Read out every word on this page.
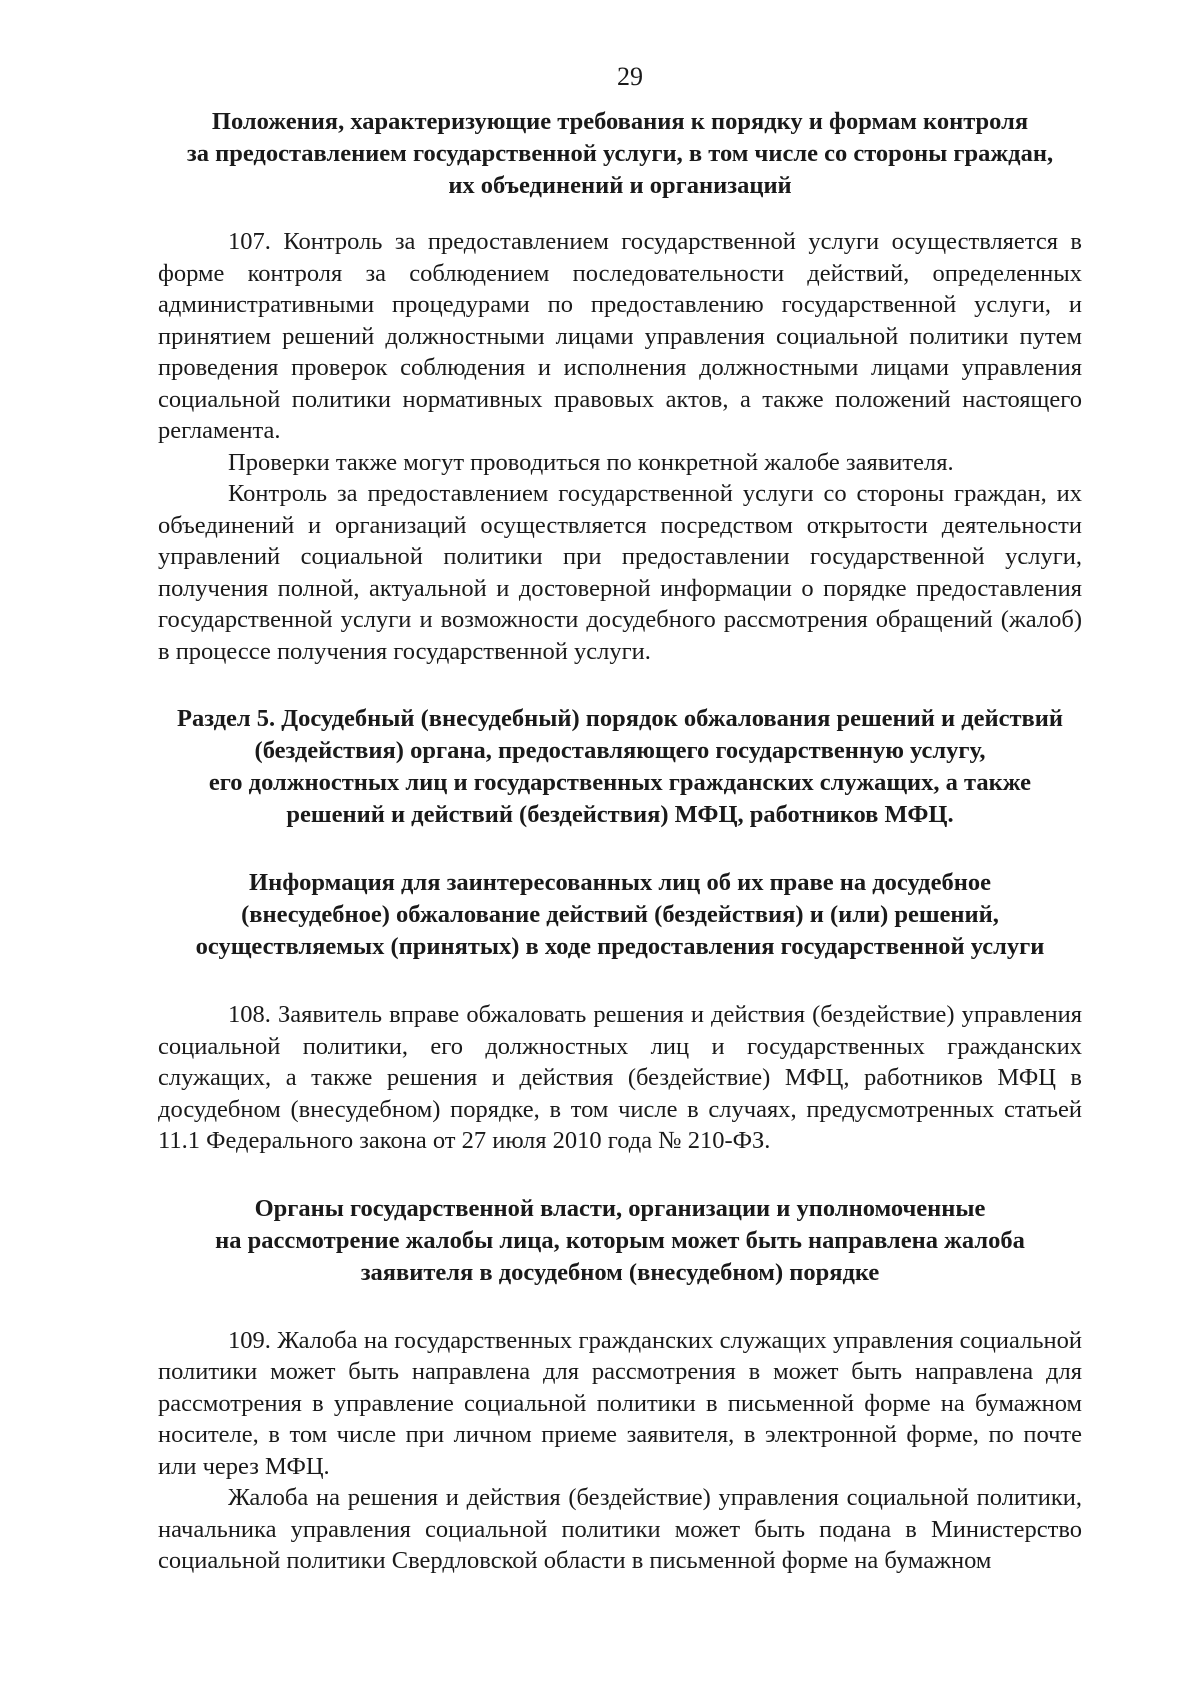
29
Положения, характеризующие требования к порядку и формам контроля
за предоставлением государственной услуги, в том числе со стороны граждан,
их объединений и организаций

107. Контроль за предоставлением государственной услуги осуществляется в форме контроля за соблюдением последовательности действий, определенных административными процедурами по предоставлению государственной услуги, и принятием решений должностными лицами управления социальной политики путем проведения проверок соблюдения и исполнения должностными лицами управления социальной политики нормативных правовых актов, а также положений настоящего регламента.

Проверки также могут проводиться по конкретной жалобе заявителя.

Контроль за предоставлением государственной услуги со стороны граждан, их объединений и организаций осуществляется посредством открытости деятельности управлений социальной политики при предоставлении государственной услуги, получения полной, актуальной и достоверной информации о порядке предоставления государственной услуги и возможности досудебного рассмотрения обращений (жалоб) в процессе получения государственной услуги.

Раздел 5. Досудебный (внесудебный) порядок обжалования решений и действий
(бездействия) органа, предоставляющего государственную услугу,
его должностных лиц и государственных гражданских служащих, а также
решений и действий (бездействия) МФЦ, работников МФЦ.
Информация для заинтересованных лиц об их праве на досудебное
(внесудебное) обжалование действий (бездействия) и (или) решений,
осуществляемых (принятых) в ходе предоставления государственной услуги

108. Заявитель вправе обжаловать решения и действия (бездействие) управления социальной политики, его должностных лиц и государственных гражданских служащих, а также решения и действия (бездействие) МФЦ, работников МФЦ в досудебном (внесудебном) порядке, в том числе в случаях, предусмотренных статьей 11.1 Федерального закона от 27 июля 2010 года № 210-ФЗ.

Органы государственной власти, организации и уполномоченные
на рассмотрение жалобы лица, которым может быть направлена жалоба
заявителя в досудебном (внесудебном) порядке

109. Жалоба на государственных гражданских служащих управления социальной политики может быть направлена для рассмотрения в может быть направлена для рассмотрения в управление социальной политики в письменной форме на бумажном носителе, в том числе при личном приеме заявителя, в электронной форме, по почте или через МФЦ.

Жалоба на решения и действия (бездействие) управления социальной политики, начальника управления социальной политики может быть подана в Министерство социальной политики Свердловской области в письменной форме на бумажном
